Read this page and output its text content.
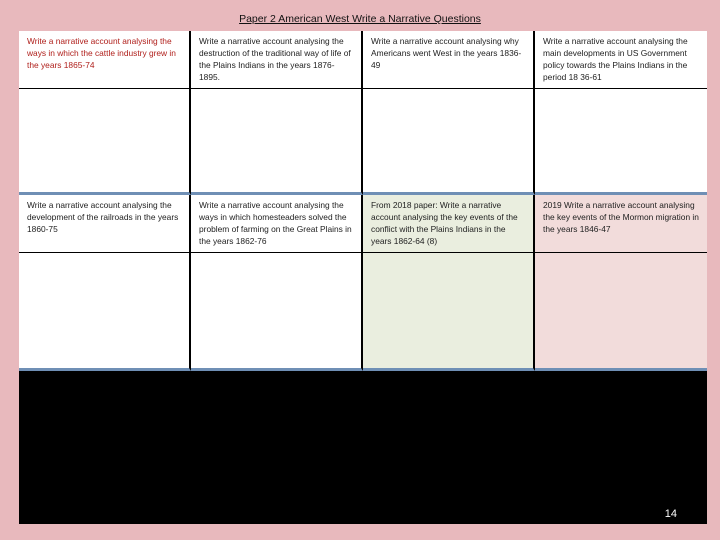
Paper 2 American West Write a Narrative Questions
Write a narrative account analysing the ways in which the cattle industry grew in the years 1865-74
Write a narrative account analysing the destruction of the traditional way of life of the Plains Indians in the years 1876-1895.
Write a narrative account analysing why Americans went West in the years 1836-49
Write a narrative account analysing the main developments in US Government policy towards the Plains Indians in the period 18 36-61
Write a narrative account analysing the development of the railroads in the years 1860-75
Write a narrative account analysing the ways in which homesteaders solved the problem of farming on the Great Plains in the years 1862-76
From 2018 paper: Write a narrative account analysing the key events of the conflict with the Plains Indians in the years 1862-64 (8)
2019 Write a narrative account analysing the key events of the Mormon migration in the years 1846-47
14
